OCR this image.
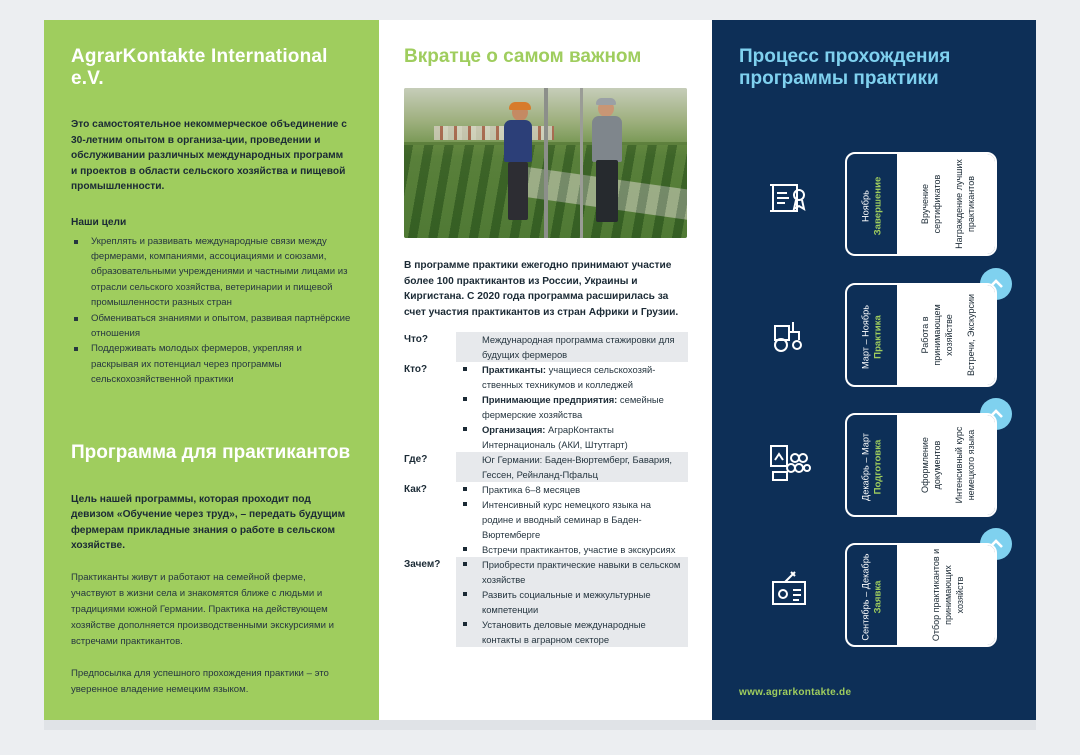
AgrarKontakte International e.V.

Это самостоятельное некоммерческое объединение с 30-летним опытом в организа-ции, проведении и обслуживании различных международных программ и проектов в области сельского хозяйства и пищевой промышленности.

Наши цели

Укреплять и развивать международные связи между фермерами, компаниями, ассоциациями и союзами, образовательными учреждениями и частными лицами из отрасли сельского хозяйства, ветеринарии и пищевой промышленности разных стран
Обмениваться знаниями и опытом, развивая партнёрские отношения
Поддерживать молодых фермеров, укрепляя и раскрывая их потенциал через программы сельскохозяйственной практики
Программа для практикантов

Цель нашей программы, которая проходит под девизом «Обучение через труд», – передать будущим фермерам прикладные знания о работе в сельском хозяйстве.

Практиканты живут и работают на семейной ферме, участвуют в жизни села и знакомятся ближе с людьми и традициями южной Германии. Практика на действующем хозяйстве дополняется производственными экскурсиями и встречами практикантов.

Предпосылка для успешного прохождения практики – это уверенное владение немецким языком.

Вкратце о самом важном

В программе практики ежегодно принимают участие более 100 практикантов из России, Украины и Киргистана. С 2020 года программа расширилась за счет участия практикантов из стран Африки и Грузии.

Что?	Международная программа стажировки для будущих фермеров
Кто?	Практиканты: учащиеся сельскохозяй-ственных техникумов и колледжей
Принимающие предприятия: семейные фермерские хозяйства
Организация: АграрКонтакты Интернациональ (АКИ, Штутгарт)
Где?	Юг Германии: Баден-Вюртемберг, Бавария, Гессен, Рейнланд-Пфальц
Как?	Практика 6–8 месяцев
Интенсивный курс немецкого языка на родине и вводный семинар в Баден-Вюртемберге
Встречи практикантов, участие в экскурсиях
Зачем?	Приобрести практические навыки в сельском хозяйстве
Развить социальные и межкультурные компетенции
Установить деловые международные контакты в аграрном секторе
Процесс прохождения программы практики
Ноябрь Завершение	Вручение сертификатов Награждение лучших практикантов
Март – Ноябрь Практика	Работа в принимающем хозяйстве Встречи, Экскурсии
Декабрь – Март Подготовка	Оформление документов Интенсивный курс немецкого языка
Сентябрь – Декабрь Заявка	Отбор практикантов и принимающих хозяйств
www.agrarkontakte.de
